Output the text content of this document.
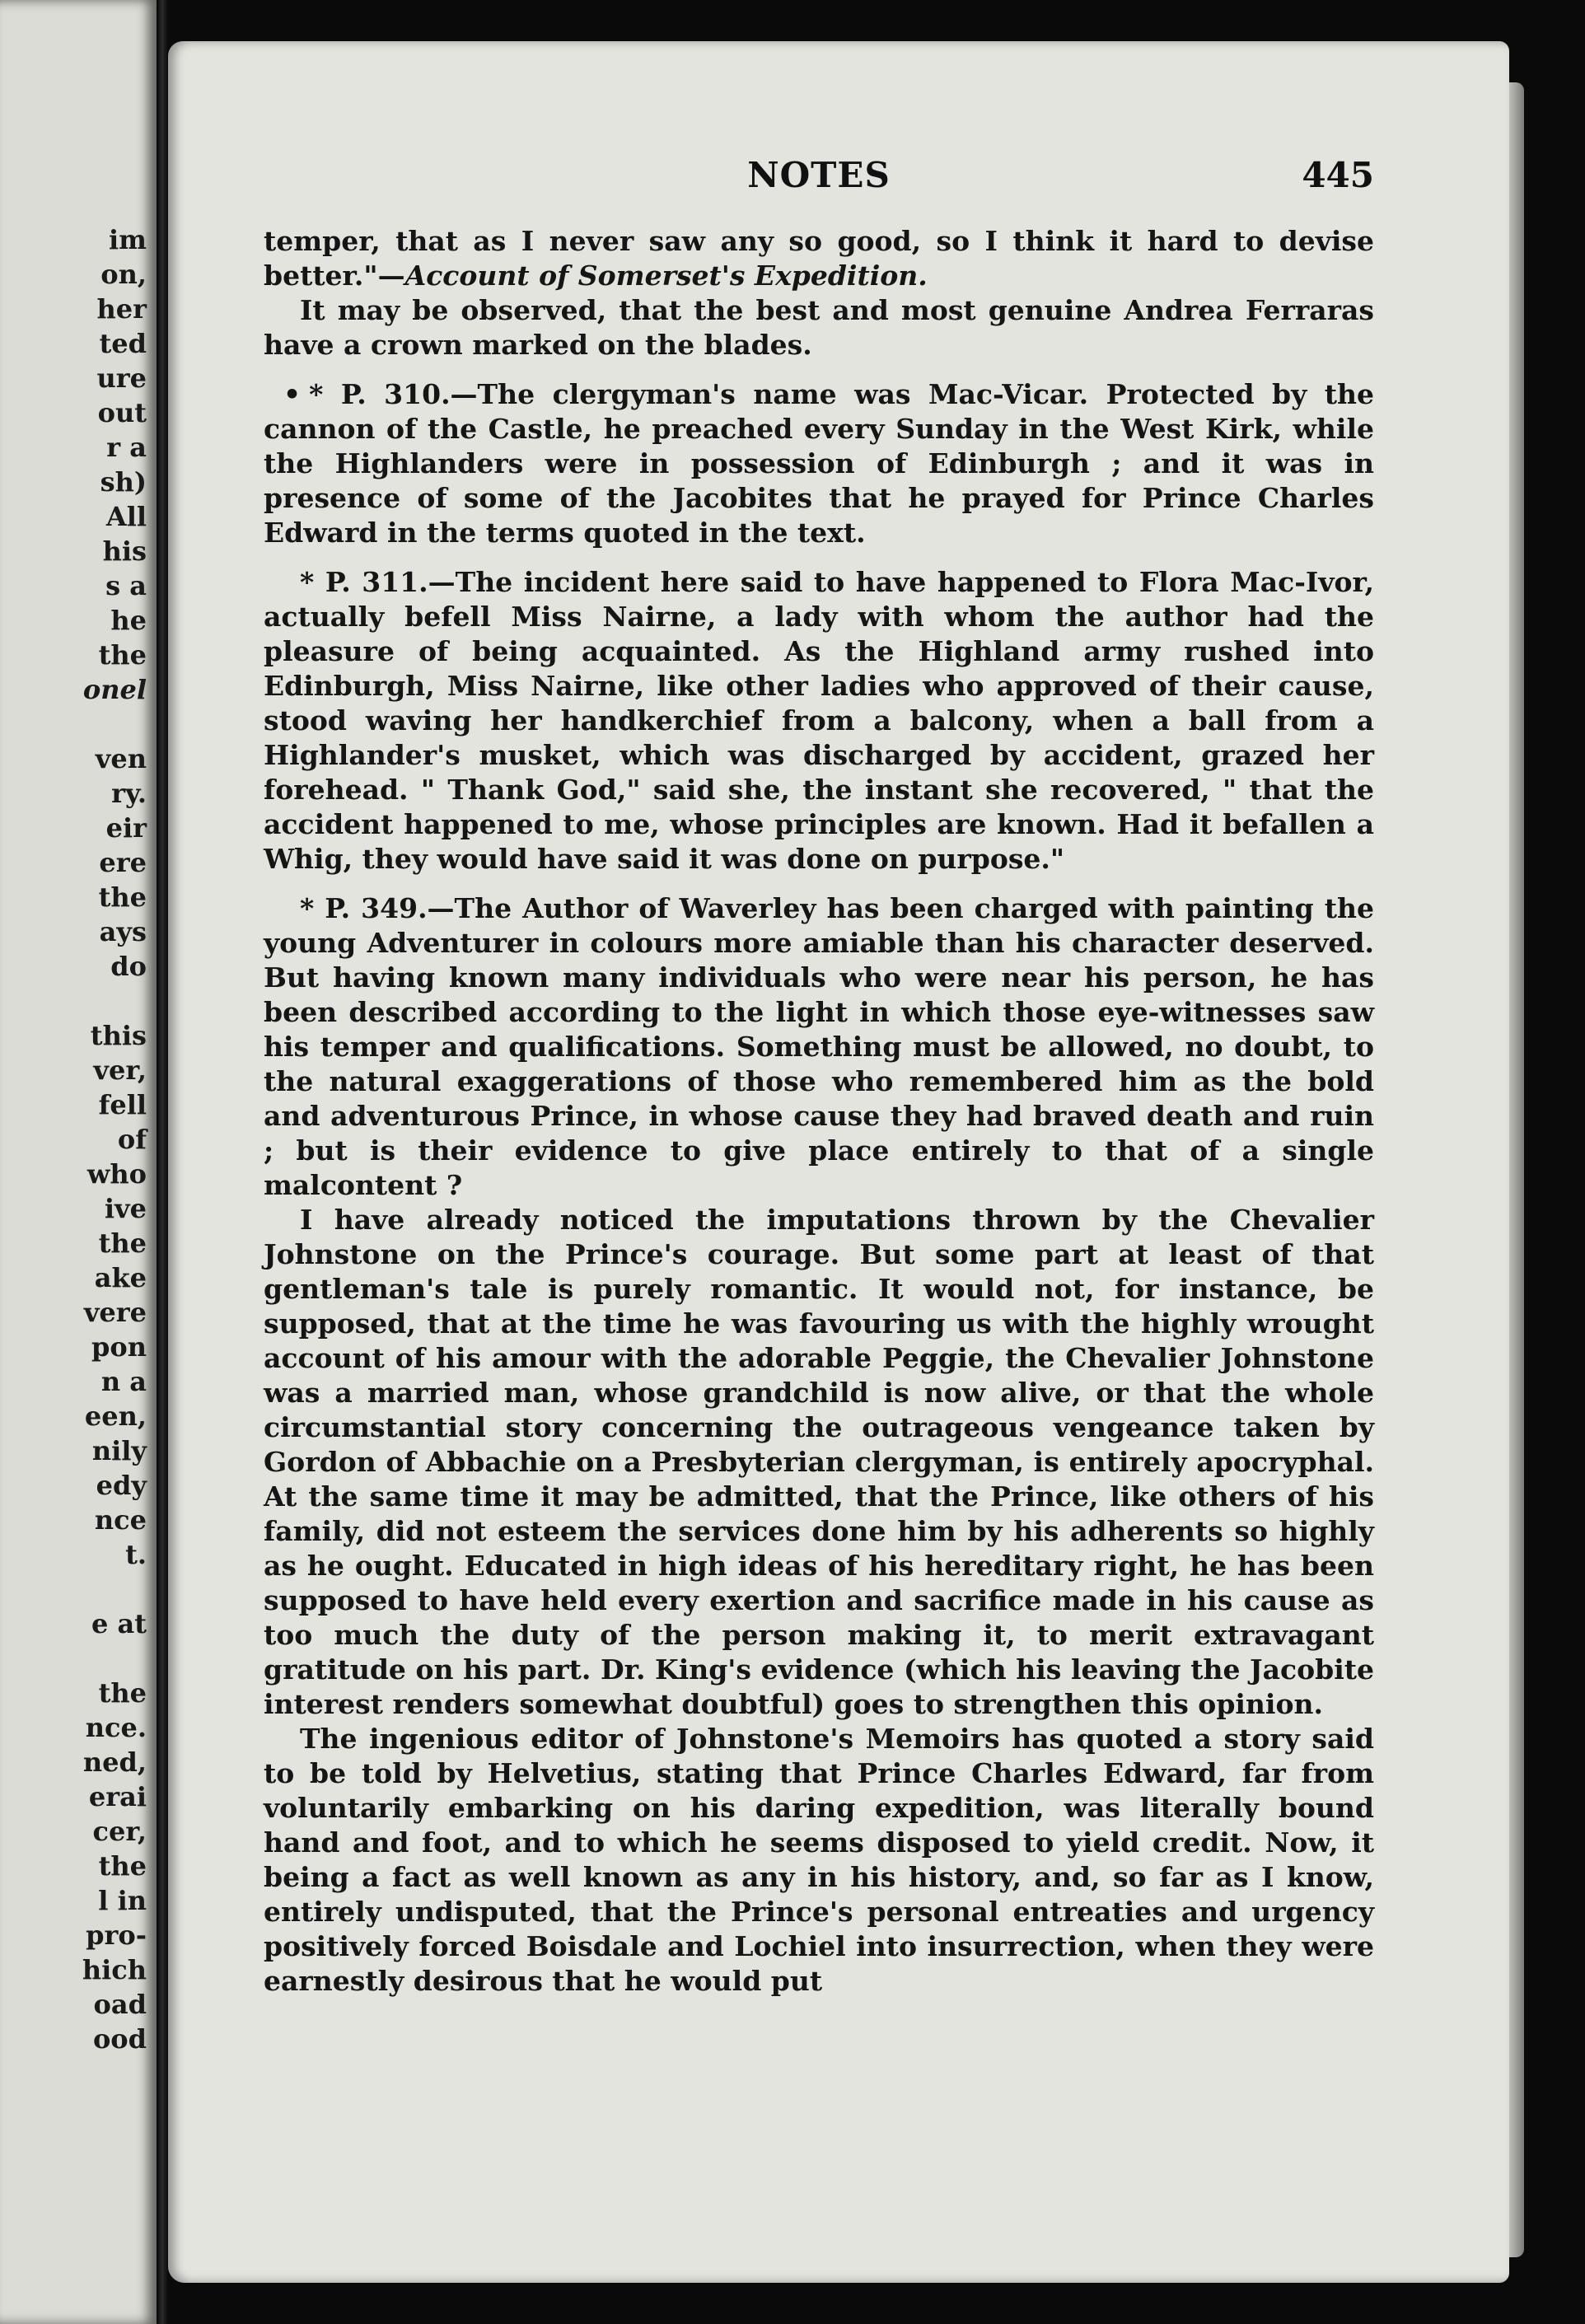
im

on,

her

ted

ure

out

r a

sh)

All

his

s a

he

the

onel

ven

ry.

eir

ere

the

ays

do

this

ver,

fell

of

who

ive

the

ake

vere

pon

n a

een,

nily

edy

nce

t.

e at

the

nce.

ned,

erai

cer,

the

l in

pro-

hich

oad

ood

NOTES	445

temper, that as I never saw any so good, so I think it hard to devise better."—Account of Somerset's Expedition.

It may be observed, that the best and most genuine Andrea Ferraras have a crown marked on the blades.

• * P. 310.—The clergyman's name was Mac-Vicar. Protected by the cannon of the Castle, he preached every Sunday in the West Kirk, while the Highlanders were in possession of Edinburgh ; and it was in presence of some of the Jacobites that he prayed for Prince Charles Edward in the terms quoted in the text.

* P. 311.—The incident here said to have happened to Flora Mac-Ivor, actually befell Miss Nairne, a lady with whom the author had the pleasure of being acquainted. As the Highland army rushed into Edinburgh, Miss Nairne, like other ladies who approved of their cause, stood waving her handkerchief from a balcony, when a ball from a Highlander's musket, which was discharged by accident, grazed her forehead. " Thank God," said she, the instant she recovered, " that the accident happened to me, whose principles are known. Had it befallen a Whig, they would have said it was done on purpose."

* P. 349.—The Author of Waverley has been charged with painting the young Adventurer in colours more amiable than his character deserved. But having known many individuals who were near his person, he has been described according to the light in which those eye-witnesses saw his temper and qualifications. Something must be allowed, no doubt, to the natural exaggerations of those who remembered him as the bold and adventurous Prince, in whose cause they had braved death and ruin ; but is their evidence to give place entirely to that of a single malcontent ?

I have already noticed the imputations thrown by the Chevalier Johnstone on the Prince's courage. But some part at least of that gentleman's tale is purely romantic. It would not, for instance, be supposed, that at the time he was favouring us with the highly wrought account of his amour with the adorable Peggie, the Chevalier Johnstone was a married man, whose grandchild is now alive, or that the whole circumstantial story concerning the outrageous vengeance taken by Gordon of Abbachie on a Presbyterian clergyman, is entirely apocryphal. At the same time it may be admitted, that the Prince, like others of his family, did not esteem the services done him by his adherents so highly as he ought. Educated in high ideas of his hereditary right, he has been supposed to have held every exertion and sacrifice made in his cause as too much the duty of the person making it, to merit extravagant gratitude on his part. Dr. King's evidence (which his leaving the Jacobite interest renders somewhat doubtful) goes to strengthen this opinion.

The ingenious editor of Johnstone's Memoirs has quoted a story said to be told by Helvetius, stating that Prince Charles Edward, far from voluntarily embarking on his daring expedition, was literally bound hand and foot, and to which he seems disposed to yield credit. Now, it being a fact as well known as any in his history, and, so far as I know, entirely undisputed, that the Prince's personal entreaties and urgency positively forced Boisdale and Lochiel into insurrection, when they were earnestly desirous that he would put
